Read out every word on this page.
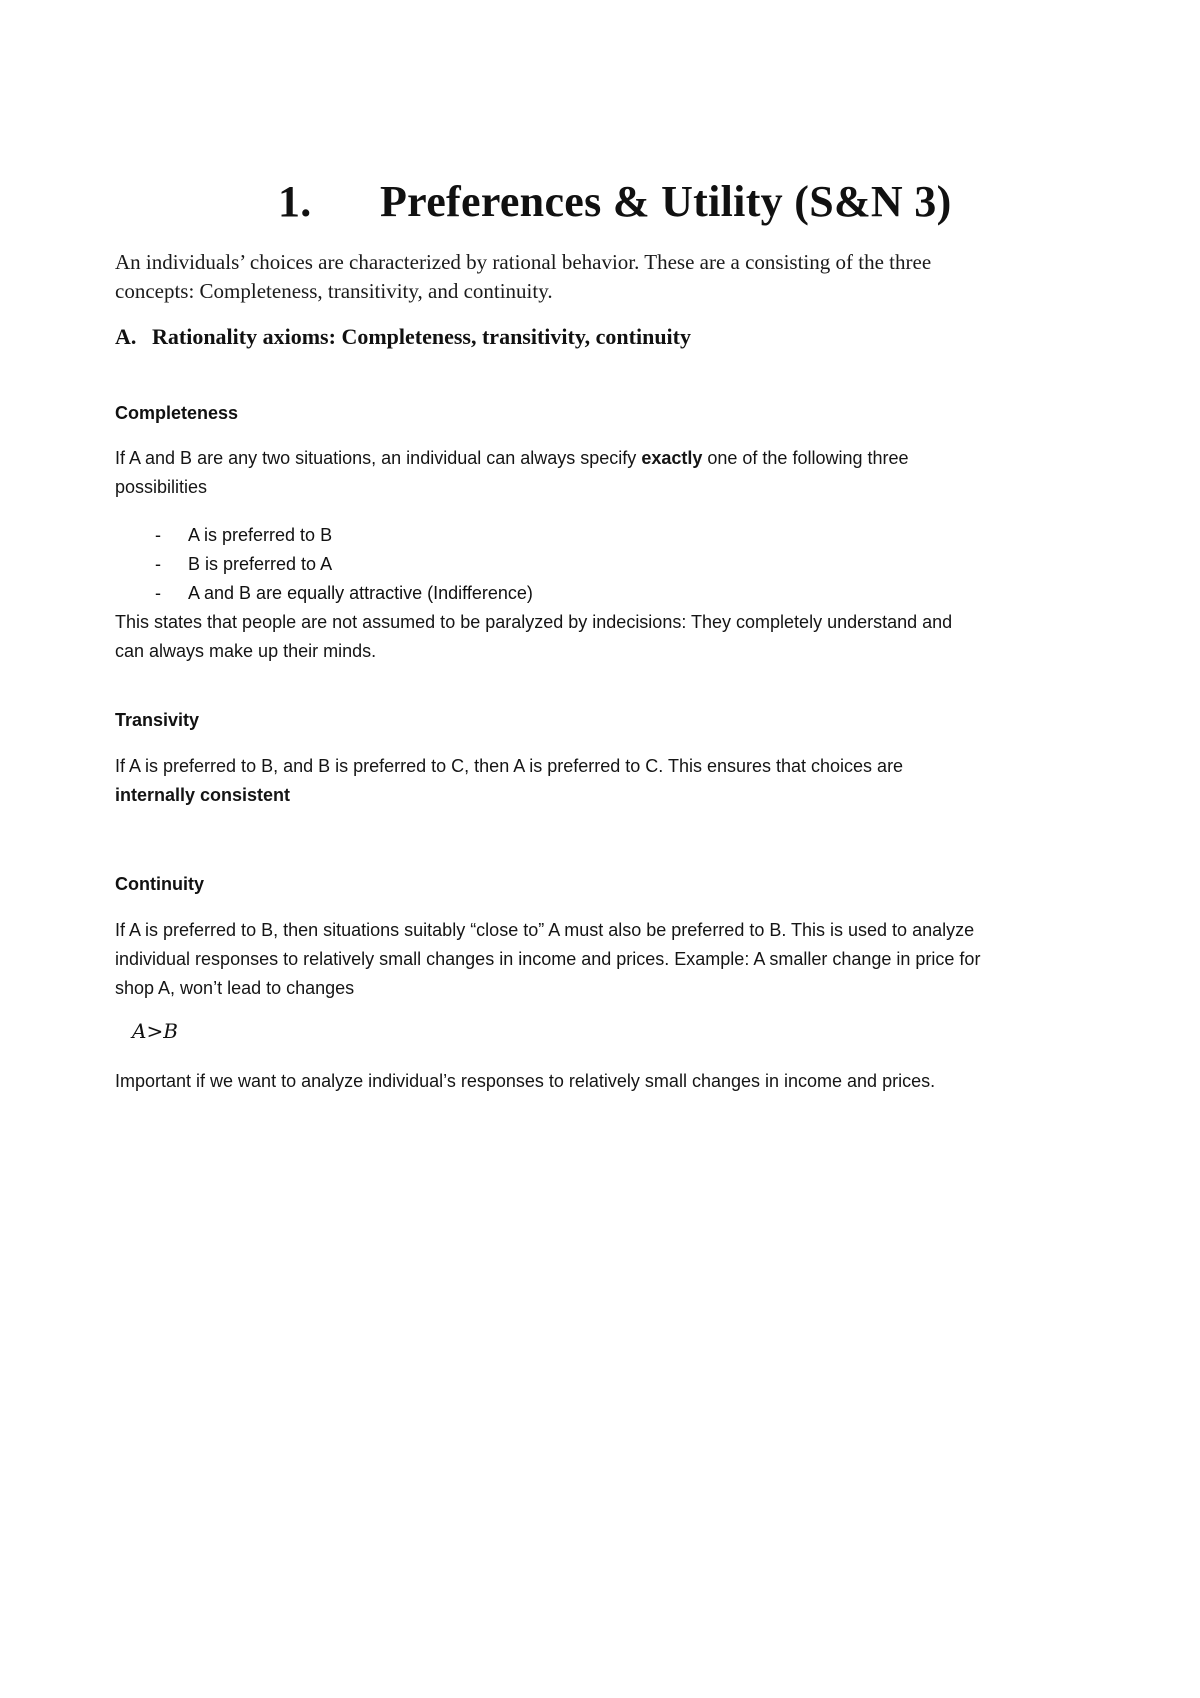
1. Preferences & Utility (S&N 3)

An individuals’ choices are characterized by rational behavior. These are a consisting of the three

concepts: Completeness, transitivity, and continuity.

A. Rationality axioms: Completeness, transitivity, continuity
Completeness

If A and B are any two situations, an individual can always specify exactly one of the following three

possibilities

- A is preferred to B
- B is preferred to A
- A and B are equally attractive (Indifference)

This states that people are not assumed to be paralyzed by indecisions: They completely understand and

can always make up their minds.

Transivity

If A is preferred to B, and B is preferred to C, then A is preferred to C. This ensures that choices are

internally consistent

Continuity

If A is preferred to B, then situations suitably “close to” A must also be preferred to B. This is used to analyze

individual responses to relatively small changes in income and prices. Example: A smaller change in price for

shop A, won’t lead to changes

A>B

Important if we want to analyze individual’s responses to relatively small changes in income and prices.
